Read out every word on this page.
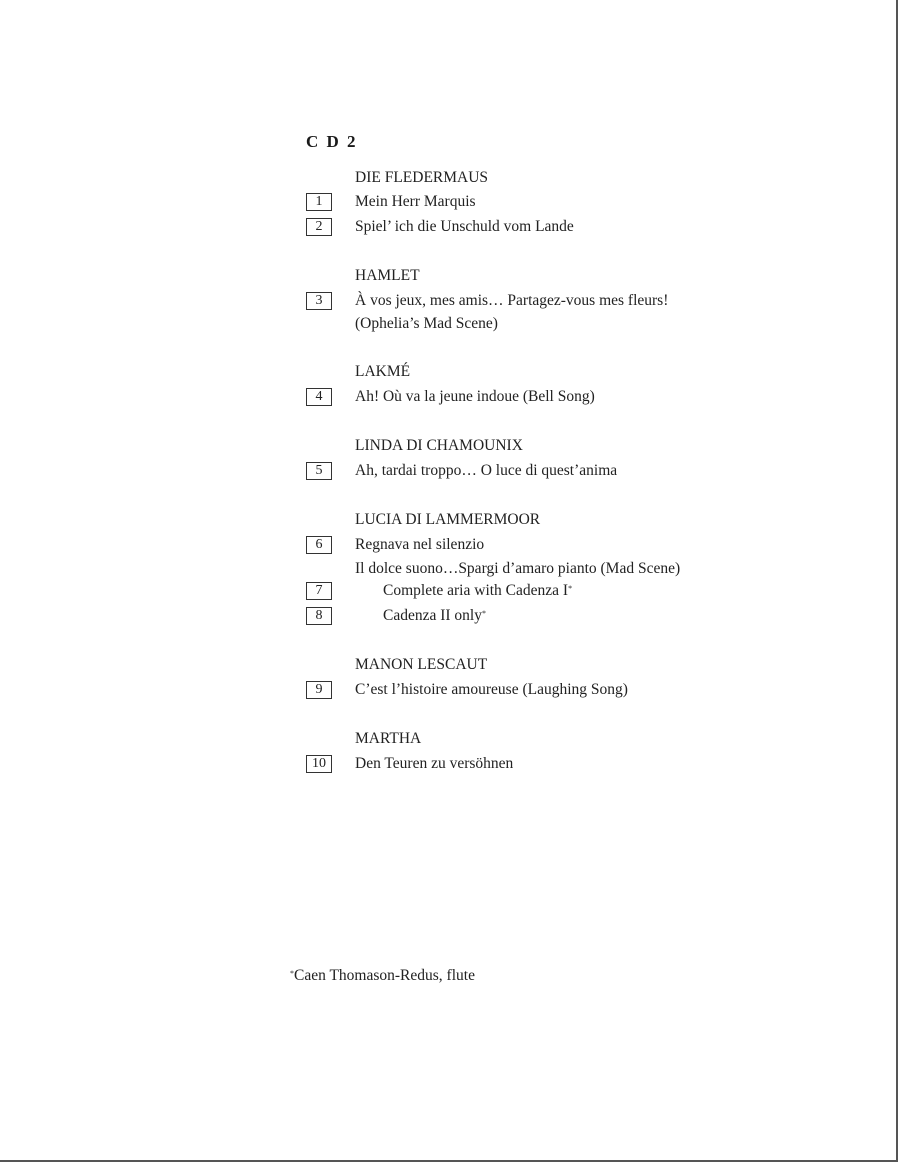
C D 2
DIE FLEDERMAUS
1	Mein Herr Marquis
2	Spiel’ ich die Unschuld vom Lande
HAMLET
3	À vos jeux, mes amis… Partagez-vous mes fleurs!
(Ophelia’s Mad Scene)
LAKMÉ
4	Ah! Où va la jeune indoue (Bell Song)
LINDA DI CHAMOUNIX
5	Ah, tardai troppo… O luce di quest’anima
LUCIA DI LAMMERMOOR
6	Regnava nel silenzio
Il dolce suono…Spargi d’amaro pianto (Mad Scene)
7	Complete aria with Cadenza I*
8	Cadenza II only*
MANON LESCAUT
9	C’est l’histoire amoureuse (Laughing Song)
MARTHA
10	Den Teuren zu versöhnen
*Caen Thomason-Redus, flute
